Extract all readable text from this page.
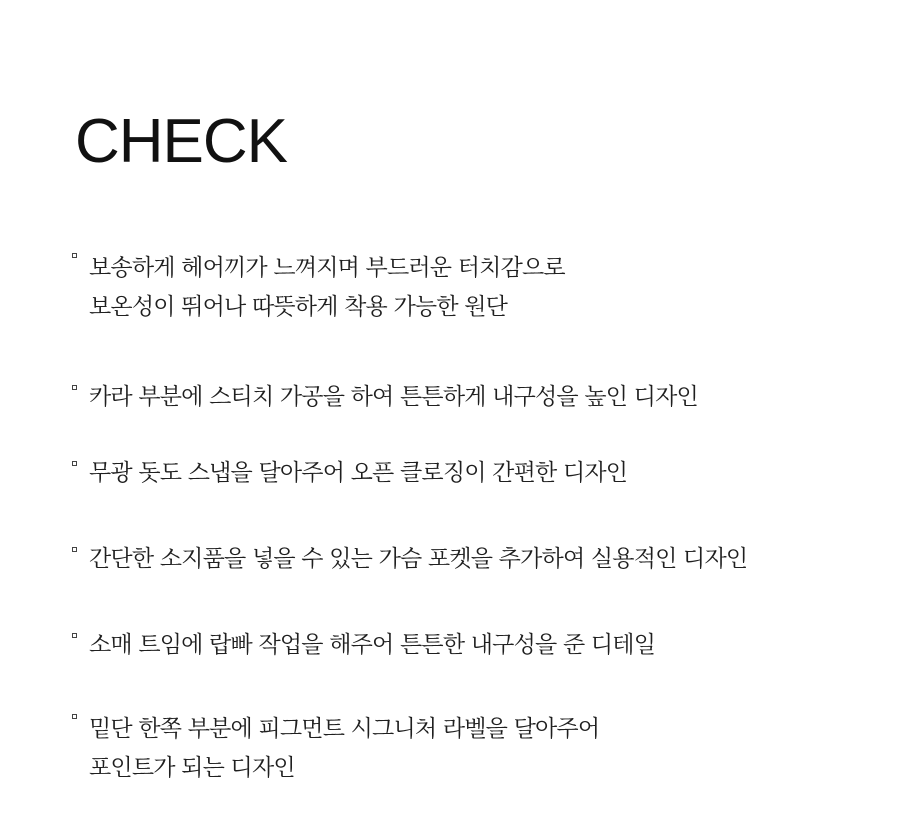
CHECK
보송하게 헤어끼가 느껴지며 부드러운 터치감으로
보온성이 뛰어나 따뜻하게 착용 가능한 원단
카라 부분에 스티치 가공을 하여 튼튼하게 내구성을 높인 디자인
무광 돗도 스냅을 달아주어 오픈 클로징이 간편한 디자인
간단한 소지품을 넣을 수 있는 가슴 포켓을 추가하여 실용적인 디자인
소매 트임에 랍빠 작업을 해주어 튼튼한 내구성을 준 디테일
밑단 한쪽 부분에 피그먼트 시그니처 라벨을 달아주어
포인트가 되는 디자인
